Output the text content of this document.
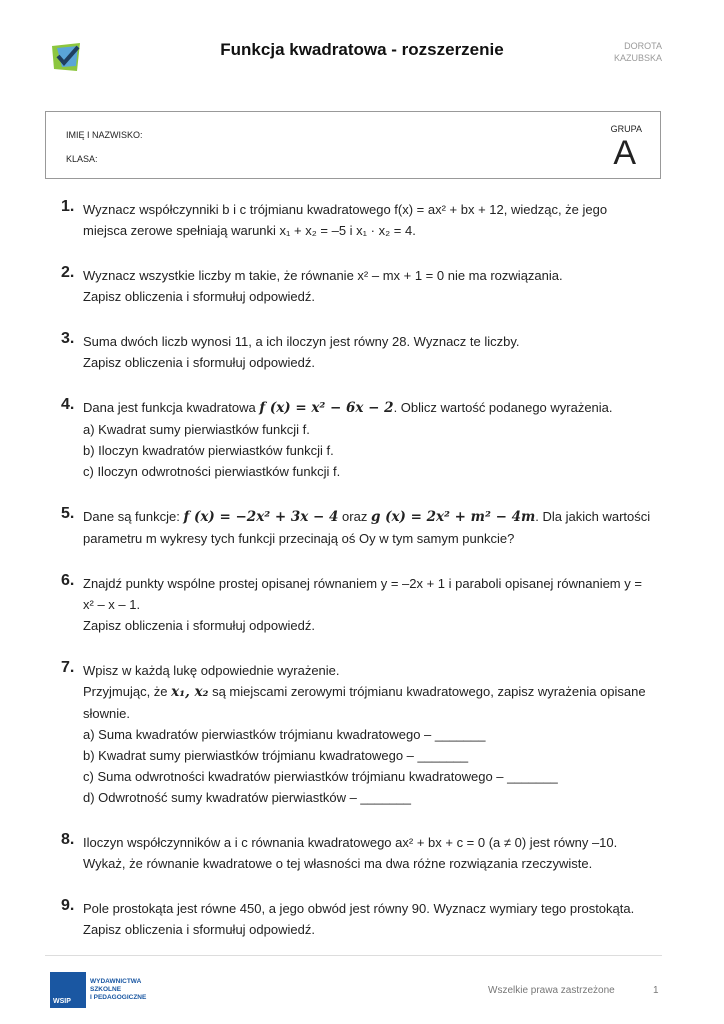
Funkcja kwadratowa - rozszerzenie	DOROTA
KAZUBSKA
IMIĘ I NAZWISKO:
KLASA:
GRUPA
A
1. Wyznacz współczynniki b i c trójmianu kwadratowego f(x) = ax² + bx + 12, wiedząc, że jego
miejsca zerowe spełniają warunki x₁ + x₂ = –5 i x₁ · x₂ = 4.
2. Wyznacz wszystkie liczby m takie, że równanie x² – mx + 1 = 0 nie ma rozwiązania.
Zapisz obliczenia i sformułuj odpowiedź.
3. Suma dwóch liczb wynosi 11, a ich iloczyn jest równy 28. Wyznacz te liczby.
Zapisz obliczenia i sformułuj odpowiedź.
4. Dana jest funkcja kwadratowa f (x) = x² − 6x − 2. Oblicz wartość podanego wyrażenia.
a) Kwadrat sumy pierwiastków funkcji f.
b) Iloczyn kwadratów pierwiastków funkcji f.
c) Iloczyn odwrotności pierwiastków funkcji f.
5. Dane są funkcje: f (x) = −2x² + 3x − 4 oraz g (x) = 2x² + m² − 4m. Dla jakich wartości
parametru m wykresy tych funkcji przecinają oś Oy w tym samym punkcie?
6. Znajdź punkty wspólne prostej opisanej równaniem y = –2x + 1 i paraboli opisanej równaniem y =
x² – x – 1.
Zapisz obliczenia i sformułuj odpowiedź.
7. Wpisz w każdą lukę odpowiednie wyrażenie.
Przyjmując, że x₁, x₂ są miejscami zerowymi trójmianu kwadratowego, zapisz wyrażenia opisane
słownie.
a) Suma kwadratów pierwiastków trójmianu kwadratowego – _______
b) Kwadrat sumy pierwiastków trójmianu kwadratowego – _______
c) Suma odwrotności kwadratów pierwiastków trójmianu kwadratowego – _______
d) Odwrotność sumy kwadratów pierwiastków – _______
8. Iloczyn współczynników a i c równania kwadratowego ax² + bx + c = 0 (a ≠ 0) jest równy –10.
Wykaż, że równanie kwadratowe o tej własności ma dwa różne rozwiązania rzeczywiste.
9. Pole prostokąta jest równe 450, a jego obwód jest równy 90. Wyznacz wymiary tego prostokąta.
Zapisz obliczenia i sformułuj odpowiedź.
WSIP
WYDAWNICTWA
SZKOLNE
I PEDAGOGICZNE
Wszelkie prawa zastrzeżone	1
